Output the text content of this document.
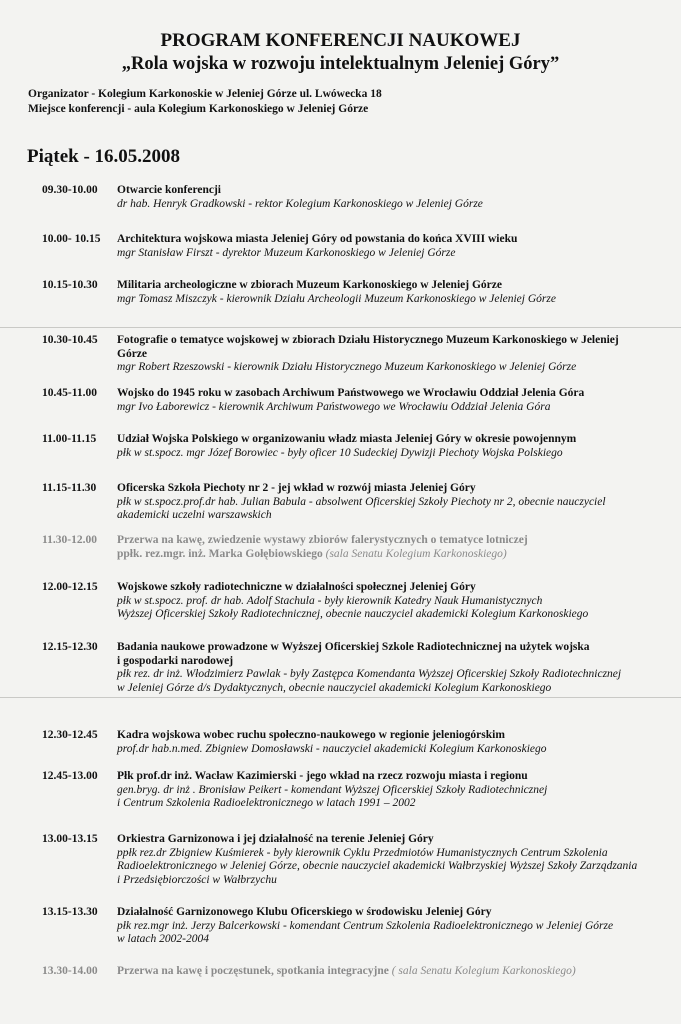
PROGRAM KONFERENCJI NAUKOWEJ
„Rola wojska w rozwoju intelektualnym Jeleniej Góry”
Organizator - Kolegium Karkonoskie w Jeleniej Górze ul. Lwówecka 18
Miejsce konferencji - aula Kolegium Karkonoskiego w Jeleniej Górze
Piątek - 16.05.2008
09.30-10.00 Otwarcie konferencji
dr hab. Henryk Gradkowski - rektor Kolegium Karkonoskiego w Jeleniej Górze
10.00- 10.15 Architektura wojskowa miasta Jeleniej Góry od powstania do końca XVIII wieku
mgr Stanisław Firszt - dyrektor Muzeum Karkonoskiego w Jeleniej Górze
10.15-10.30 Militaria archeologiczne w zbiorach Muzeum Karkonoskiego w Jeleniej Górze
mgr Tomasz Miszczyk - kierownik Działu Archeologii Muzeum Karkonoskiego w Jeleniej Górze
10.30-10.45 Fotografie o tematyce wojskowej w zbiorach Działu Historycznego Muzeum Karkonoskiego w Jeleniej
Górze
mgr Robert Rzeszowski - kierownik Działu Historycznego Muzeum Karkonoskiego w Jeleniej Górze
10.45-11.00 Wojsko do 1945 roku w zasobach Archiwum Państwowego we Wrocławiu Oddział Jelenia Góra
mgr Ivo Łaborewicz - kierownik Archiwum Państwowego we Wrocławiu Oddział Jelenia Góra
11.00-11.15 Udział Wojska Polskiego w organizowaniu władz miasta Jeleniej Góry w okresie powojennym
płk w st.spocz. mgr Józef Borowiec - były oficer 10 Sudeckiej Dywizji Piechoty Wojska Polskiego
11.15-11.30 Oficerska Szkoła Piechoty nr 2 - jej wkład w rozwój miasta Jeleniej Góry
płk w st.spocz.prof.dr hab. Julian Babula - absolwent Oficerskiej Szkoły Piechoty nr 2, obecnie nauczyciel
akademicki uczelni warszawskich
11.30-12.00 Przerwa na kawę, zwiedzenie wystawy zbiorów falerystycznych o tematyce lotniczej
ppłk. rez.mgr. inż. Marka Gołębiowskiego (sala Senatu Kolegium Karkonoskiego)
12.00-12.15 Wojskowe szkoły radiotechniczne w działalności społecznej Jeleniej Góry
płk w st.spocz. prof. dr hab. Adolf Stachula - były kierownik Katedry Nauk Humanistycznych
Wyższej Oficerskiej Szkoły Radiotechnicznej, obecnie nauczyciel akademicki Kolegium Karkonoskiego
12.15-12.30 Badania naukowe prowadzone w Wyższej Oficerskiej Szkole Radiotechnicznej na użytek wojska
i gospodarki narodowej
płk rez. dr inż. Włodzimierz Pawlak - były Zastępca Komendanta Wyższej Oficerskiej Szkoły Radiotechnicznej
w Jeleniej Górze d/s Dydaktycznych, obecnie nauczyciel akademicki Kolegium Karkonoskiego
12.30-12.45 Kadra wojskowa wobec ruchu społeczno-naukowego w regionie jeleniogórskim
prof.dr hab.n.med. Zbigniew Domosławski - nauczyciel akademicki Kolegium Karkonoskiego
12.45-13.00 Płk prof.dr inż. Wacław Kazimierski - jego wkład na rzecz rozwoju miasta i regionu
gen.bryg. dr inż . Bronisław Peikert - komendant Wyższej Oficerskiej Szkoły Radiotechnicznej
i Centrum Szkolenia Radioelektronicznego w latach 1991 – 2002
13.00-13.15 Orkiestra Garnizonowa i jej działalność na terenie Jeleniej Góry
ppłk rez.dr Zbigniew Kuśmierek - były kierownik Cyklu Przedmiotów Humanistycznych Centrum Szkolenia
Radioelektronicznego w Jeleniej Górze, obecnie nauczyciel akademicki Wałbrzyskiej Wyższej Szkoły Zarządzania
i Przedsiębiorczości w Wałbrzychu
13.15-13.30 Działalność Garnizonowego Klubu Oficerskiego w środowisku Jeleniej Góry
płk rez.mgr inż. Jerzy Balcerkowski - komendant Centrum Szkolenia Radioelektronicznego w Jeleniej Górze
w latach 2002-2004
13.30-14.00 Przerwa na kawę i poczęstunek, spotkania integracyjne ( sala Senatu Kolegium Karkonoskiego)
